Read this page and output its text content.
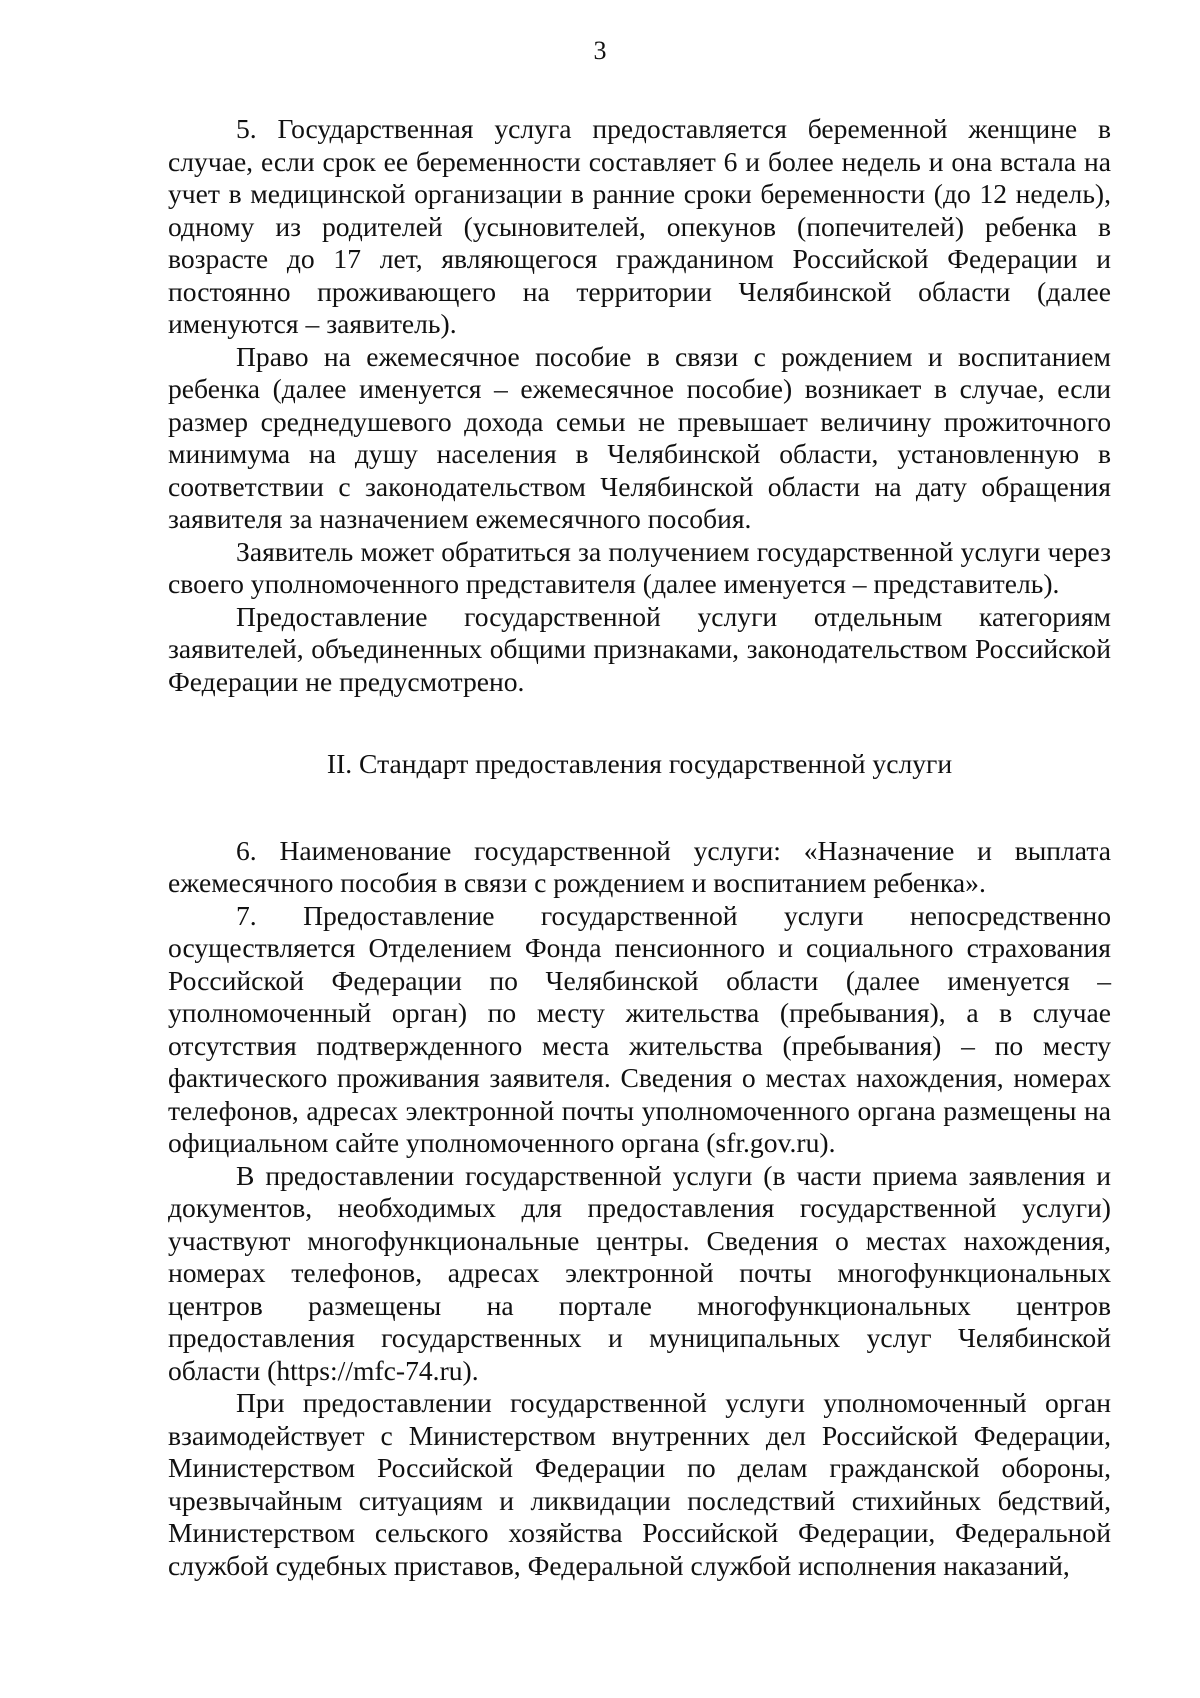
3

5. Государственная услуга предоставляется беременной женщине в случае, если срок ее беременности составляет 6 и более недель и она встала на учет в медицинской организации в ранние сроки беременности (до 12 недель), одному из родителей (усыновителей, опекунов (попечителей) ребенка в возрасте до 17 лет, являющегося гражданином Российской Федерации и постоянно проживающего на территории Челябинской области (далее именуются – заявитель).

Право на ежемесячное пособие в связи с рождением и воспитанием ребенка (далее именуется – ежемесячное пособие) возникает в случае, если размер среднедушевого дохода семьи не превышает величину прожиточного минимума на душу населения в Челябинской области, установленную в соответствии с законодательством Челябинской области на дату обращения заявителя за назначением ежемесячного пособия.

Заявитель может обратиться за получением государственной услуги через своего уполномоченного представителя (далее именуется – представитель).

Предоставление государственной услуги отдельным категориям заявителей, объединенных общими признаками, законодательством Российской Федерации не предусмотрено.

II. Стандарт предоставления государственной услуги

6. Наименование государственной услуги: «Назначение и выплата ежемесячного пособия в связи с рождением и воспитанием ребенка».

7. Предоставление государственной услуги непосредственно осуществляется Отделением Фонда пенсионного и социального страхования Российской Федерации по Челябинской области (далее именуется – уполномоченный орган) по месту жительства (пребывания), а в случае отсутствия подтвержденного места жительства (пребывания) – по месту фактического проживания заявителя. Сведения о местах нахождения, номерах телефонов, адресах электронной почты уполномоченного органа размещены на официальном сайте уполномоченного органа (sfr.gov.ru).

В предоставлении государственной услуги (в части приема заявления и документов, необходимых для предоставления государственной услуги) участвуют многофункциональные центры. Сведения о местах нахождения, номерах телефонов, адресах электронной почты многофункциональных центров размещены на портале многофункциональных центров предоставления государственных и муниципальных услуг Челябинской области (https://mfc-74.ru).

При предоставлении государственной услуги уполномоченный орган взаимодействует с Министерством внутренних дел Российской Федерации, Министерством Российской Федерации по делам гражданской обороны, чрезвычайным ситуациям и ликвидации последствий стихийных бедствий, Министерством сельского хозяйства Российской Федерации, Федеральной службой судебных приставов, Федеральной службой исполнения наказаний,
